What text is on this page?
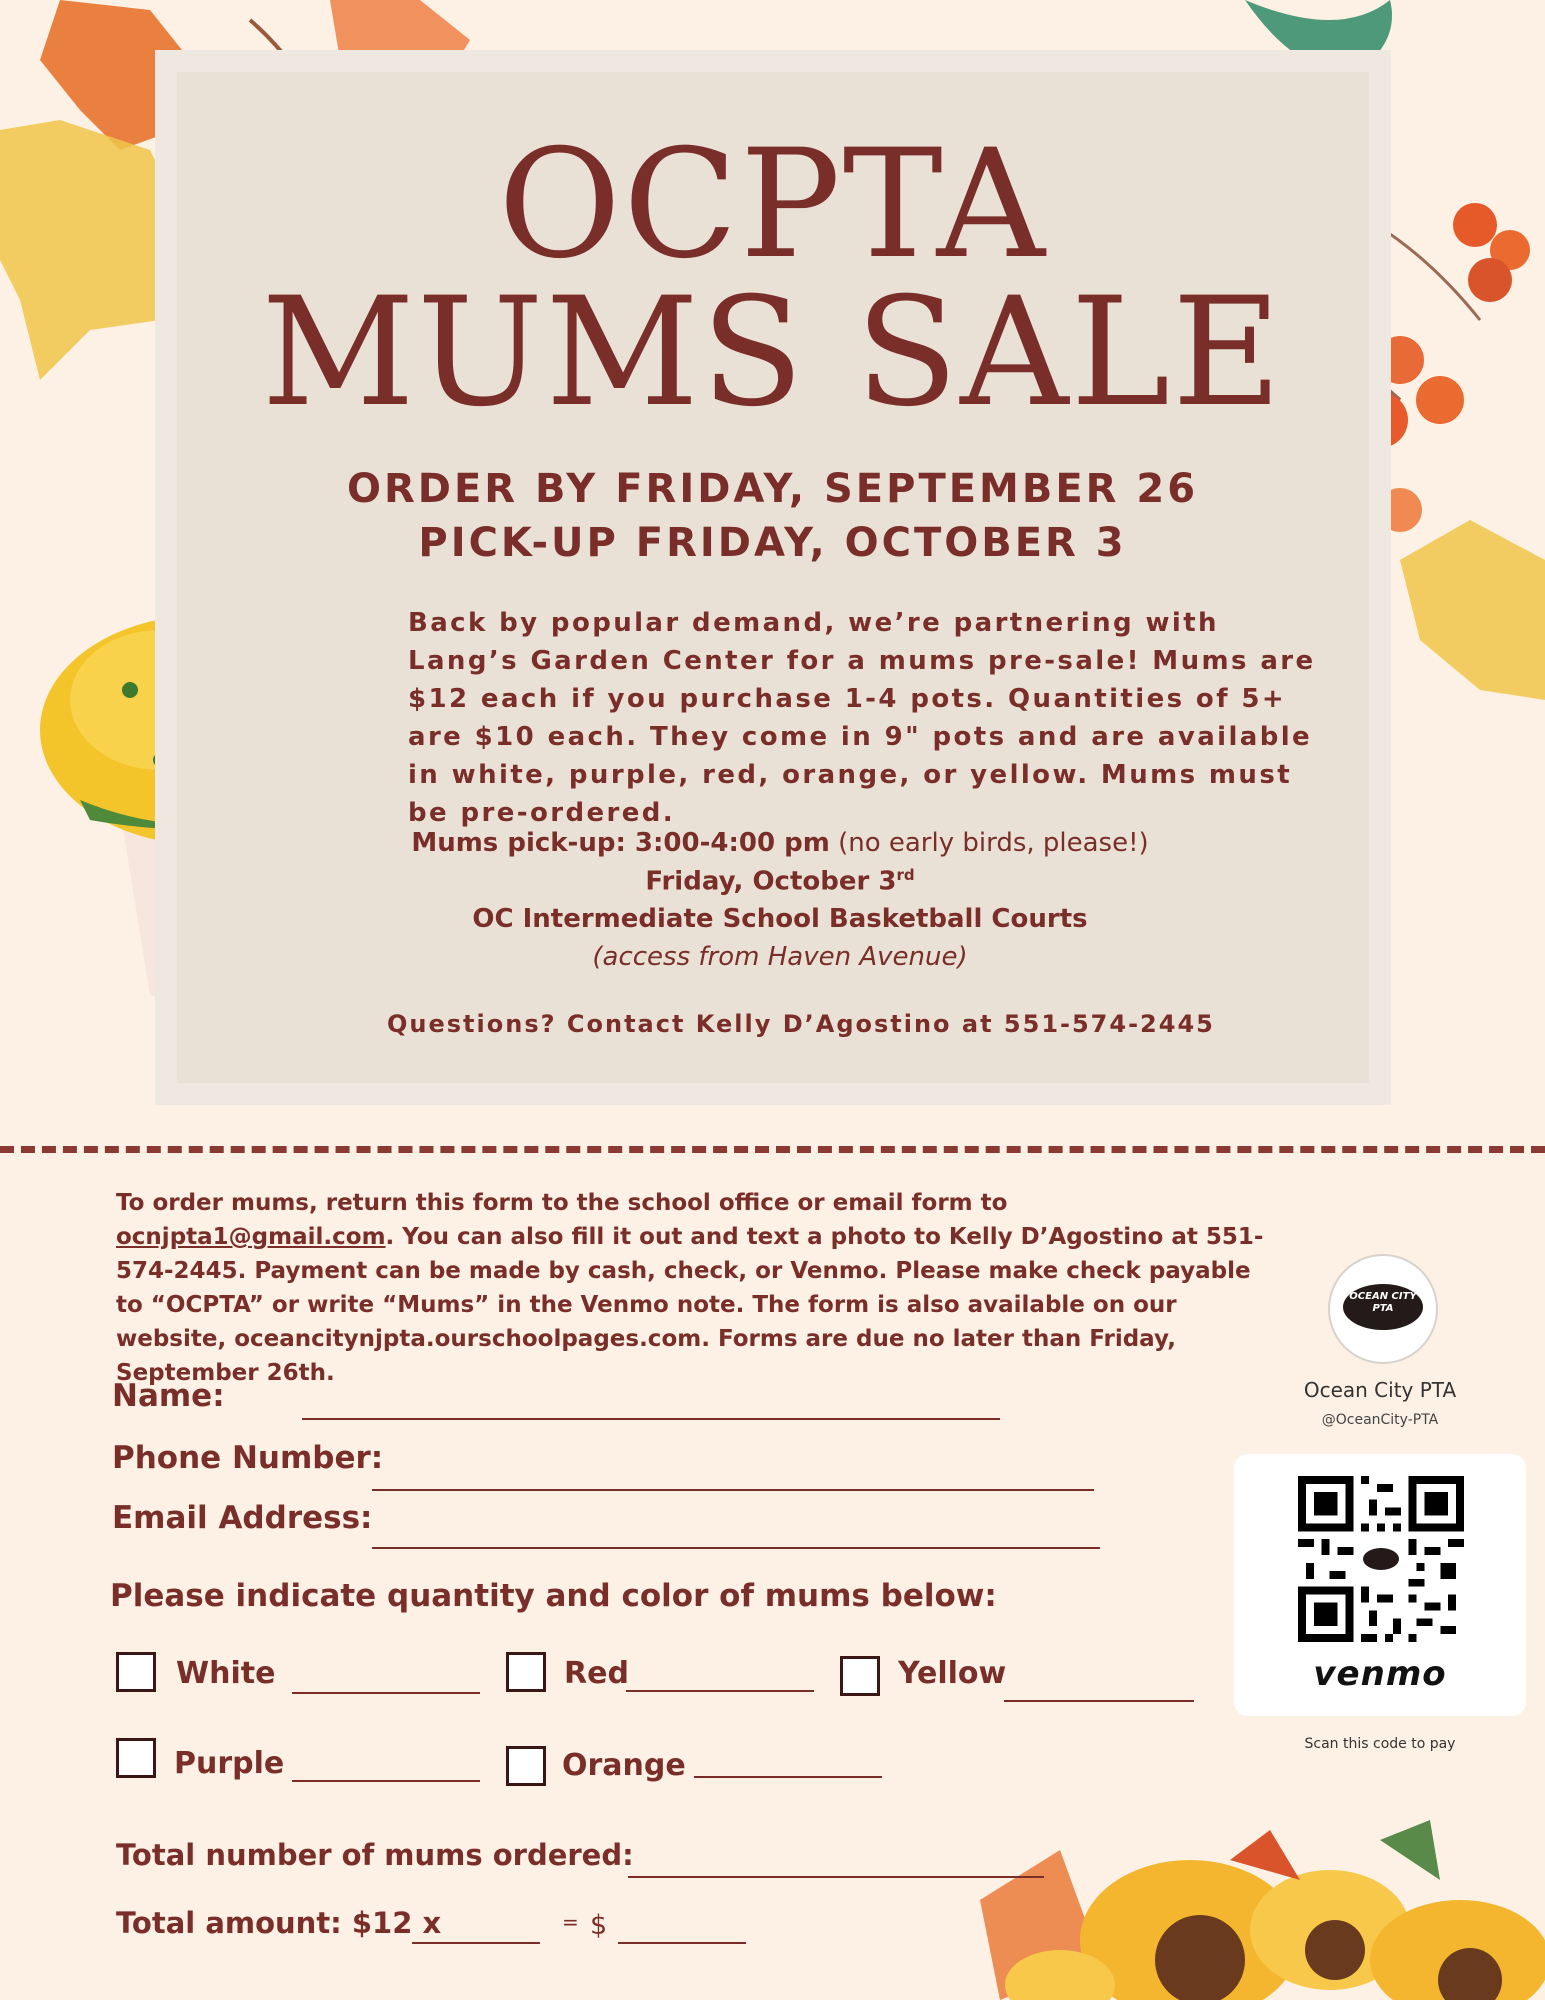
OCPTA
MUMS SALE
ORDER BY FRIDAY, SEPTEMBER 26
PICK-UP FRIDAY, OCTOBER 3

Back by popular demand, we’re partnering with Lang’s Garden Center for a mums pre-sale! Mums are $12 each if you purchase 1-4 pots. Quantities of 5+ are $10 each. They come in 9" pots and are available in white, purple, red, orange, or yellow. Mums must be pre-ordered.

Mums pick-up: 3:00-4:00 pm (no early birds, please!)
Friday, October 3rd
OC Intermediate School Basketball Courts
(access from Haven Avenue)
Questions? Contact Kelly D’Agostino at 551-574-2445
To order mums, return this form to the school office or email form to ocnjpta1@gmail.com. You can also fill it out and text a photo to Kelly D’Agostino at 551-574-2445. Payment can be made by cash, check, or Venmo. Please make check payable to “OCPTA” or write “Mums” in the Venmo note. The form is also available on our website, oceancitynjpta.ourschoolpages.com. Forms are due no later than Friday, September 26th.
Name:
Phone Number:
Email Address:
Please indicate quantity and color of mums below:
White	Red	Yellow
Purple	Orange
Total number of mums ordered:
Total amount: $12 x	= $
OCEAN CITY PTA
Ocean City PTA
@OceanCity-PTA
venmo
Scan this code to pay
